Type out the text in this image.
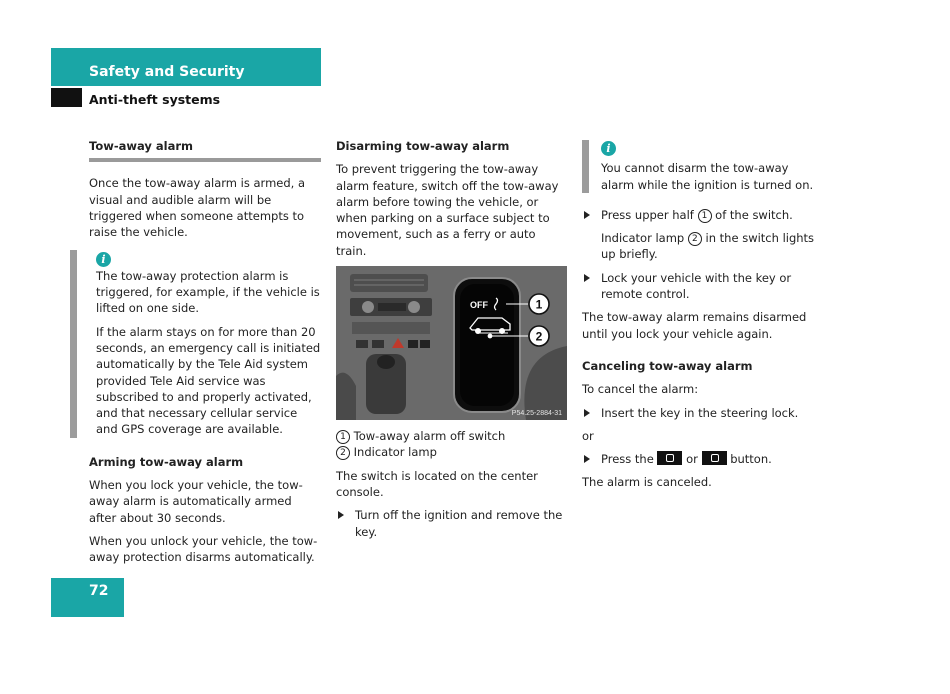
Safety and Security
Anti-theft systems
Tow-away alarm

Once the tow-away alarm is armed, a visual and audible alarm will be triggered when someone attempts to raise the vehicle.

i

The tow-away protection alarm is triggered, for example, if the vehicle is lifted on one side.

If the alarm stays on for more than 20 seconds, an emergency call is initiated automatically by the Tele Aid system provided Tele Aid service was subscribed to and properly activated, and that necessary cellular service and GPS coverage are available.

Arming tow-away alarm

When you lock your vehicle, the tow-away alarm is automatically armed after about 30 seconds.

When you unlock your vehicle, the tow-away protection disarms automatically.

Disarming tow-away alarm

To prevent triggering the tow-away alarm feature, switch off the tow-away alarm before towing the vehicle, or when parking on a surface subject to movement, such as a ferry or auto train.

OFF	1
2
P54.25-2884-31
1 Tow-away alarm off switch
2 Indicator lamp

The switch is located on the center console.

Turn off the ignition and remove the key.
i

You cannot disarm the tow-away alarm while the ignition is turned on.

Press upper half 1 of the switch.
Indicator lamp 2 in the switch lights up briefly.
Lock your vehicle with the key or remote control.

The tow-away alarm remains disarmed until you lock your vehicle again.

Canceling tow-away alarm

To cancel the alarm:

Insert the key in the steering lock.

or

Press the	or	button.

The alarm is canceled.

72
